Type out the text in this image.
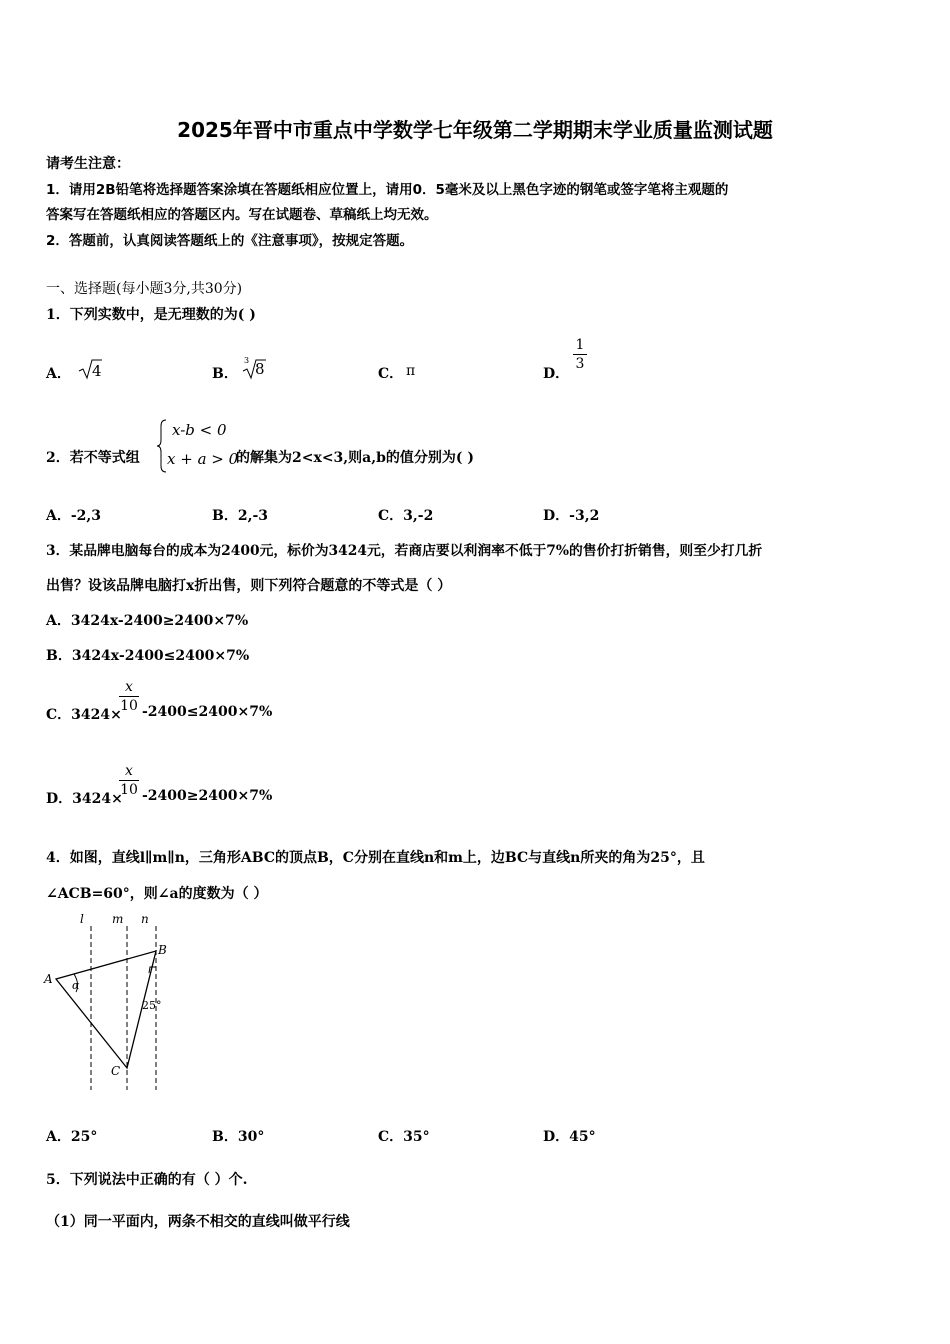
2025年晋中市重点中学数学七年级第二学期期末学业质量监测试题
请考生注意：
1．请用2B铅笔将选择题答案涂填在答题纸相应位置上，请用0．5毫米及以上黑色字迹的钢笔或签字笔将主观题的
答案写在答题纸相应的答题区内。写在试题卷、草稿纸上均无效。
2．答题前，认真阅读答题纸上的《注意事项》，按规定答题。
一、选择题(每小题3分,共30分)
1．下列实数中，是无理数的为( )
A． 4	B．
3 8	C． π	D．
1
3
2．若不等式组
x-b < 0
x + a > 0
的解集为2<x<3,则a,b的值分别为( )
A．-2,3	B．2,-3	C．3,-2	D．-3,2
3．某品牌电脑每台的成本为2400元，标价为3424元，若商店要以利润率不低于7%的售价打折销售，则至少打几折
出售？设该品牌电脑打x折出售，则下列符合题意的不等式是（ ）
A．3424x-2400≥2400×7%
B．3424x-2400≤2400×7%
C．3424×
x
10 -2400≤2400×7%
D．3424×
x
10 -2400≥2400×7%
4．如图，直线l∥m∥n，三角形ABC的顶点B，C分别在直线n和m上，边BC与直线n所夹的角为25°，且
∠ACB=60°，则∠a的度数为（ ）
l m n
A
B
C
α
25°
A．25°	B．30°	C．35°	D．45°
5．下列说法中正确的有（ ）个.
（1）同一平面内，两条不相交的直线叫做平行线
